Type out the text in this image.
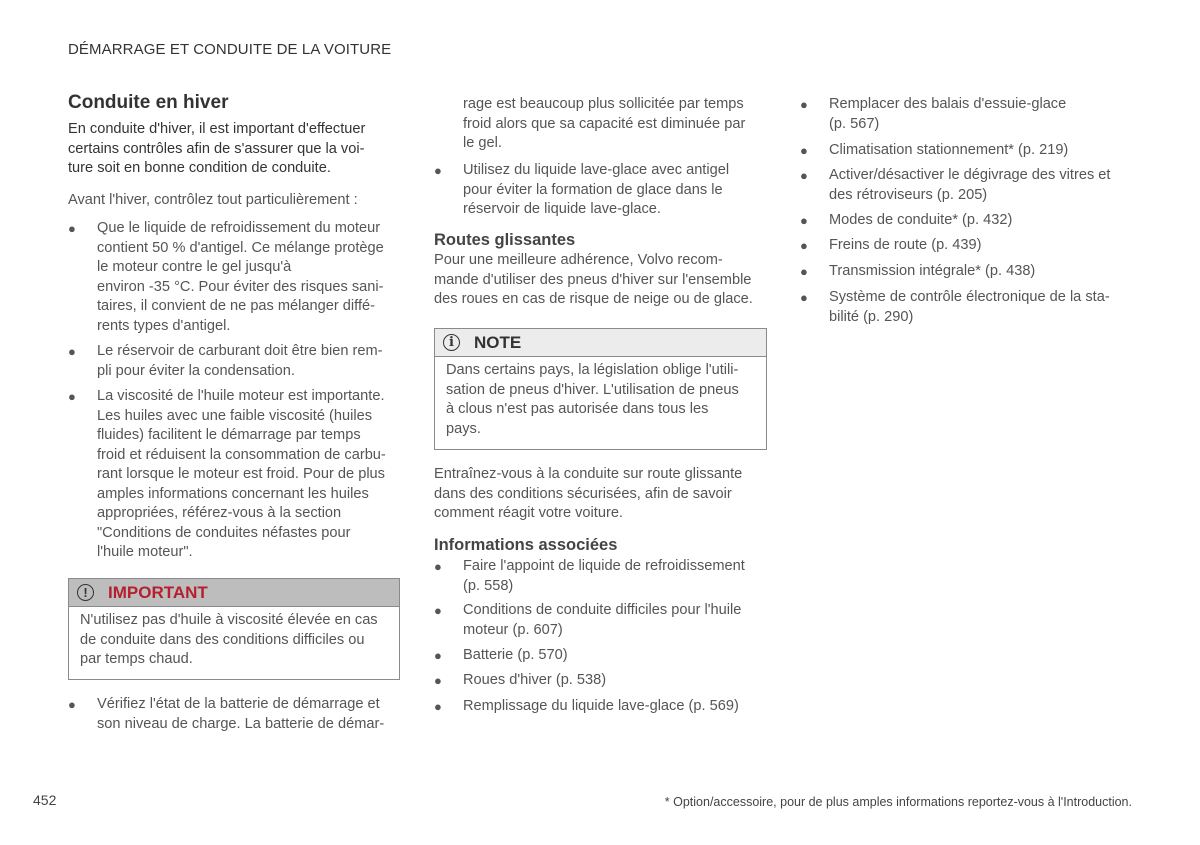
DÉMARRAGE ET CONDUITE DE LA VOITURE
Conduite en hiver
En conduite d'hiver, il est important d'effectuer
certains contrôles afin de s'assurer que la voi-
ture soit en bonne condition de conduite.
Avant l'hiver, contrôlez tout particulièrement :
● Que le liquide de refroidissement du moteur
contient 50 % d'antigel. Ce mélange protège
le moteur contre le gel jusqu'à
environ -35 °C. Pour éviter des risques sani-
taires, il convient de ne pas mélanger diffé-
rents types d'antigel.
● Le réservoir de carburant doit être bien rem-
pli pour éviter la condensation.
● La viscosité de l'huile moteur est importante.
Les huiles avec une faible viscosité (huiles
fluides) facilitent le démarrage par temps
froid et réduisent la consommation de carbu-
rant lorsque le moteur est froid. Pour de plus
amples informations concernant les huiles
appropriées, référez-vous à la section
"Conditions de conduites néfastes pour
l'huile moteur".
!	IMPORTANT
N'utilisez pas d'huile à viscosité élevée en cas
de conduite dans des conditions difficiles ou
par temps chaud.
● Vérifiez l'état de la batterie de démarrage et
son niveau de charge. La batterie de démar-
rage est beaucoup plus sollicitée par temps
froid alors que sa capacité est diminuée par
le gel.
● Utilisez du liquide lave-glace avec antigel
pour éviter la formation de glace dans le
réservoir de liquide lave-glace.
Routes glissantes
Pour une meilleure adhérence, Volvo recom-
mande d'utiliser des pneus d'hiver sur l'ensemble
des roues en cas de risque de neige ou de glace.
i	NOTE
Dans certains pays, la législation oblige l'utili-
sation de pneus d'hiver. L'utilisation de pneus
à clous n'est pas autorisée dans tous les
pays.
Entraînez-vous à la conduite sur route glissante
dans des conditions sécurisées, afin de savoir
comment réagit votre voiture.
Informations associées
● Faire l'appoint de liquide de refroidissement
(p. 558)
● Conditions de conduite difficiles pour l'huile
moteur (p. 607)
● Batterie (p. 570)
● Roues d'hiver (p. 538)
● Remplissage du liquide lave-glace (p. 569)
● Remplacer des balais d'essuie-glace
(p. 567)
● Climatisation stationnement* (p. 219)
● Activer/désactiver le dégivrage des vitres et
des rétroviseurs (p. 205)
● Modes de conduite* (p. 432)
● Freins de route (p. 439)
● Transmission intégrale* (p. 438)
● Système de contrôle électronique de la sta-
bilité (p. 290)
452	* Option/accessoire, pour de plus amples informations reportez-vous à l'Introduction.
